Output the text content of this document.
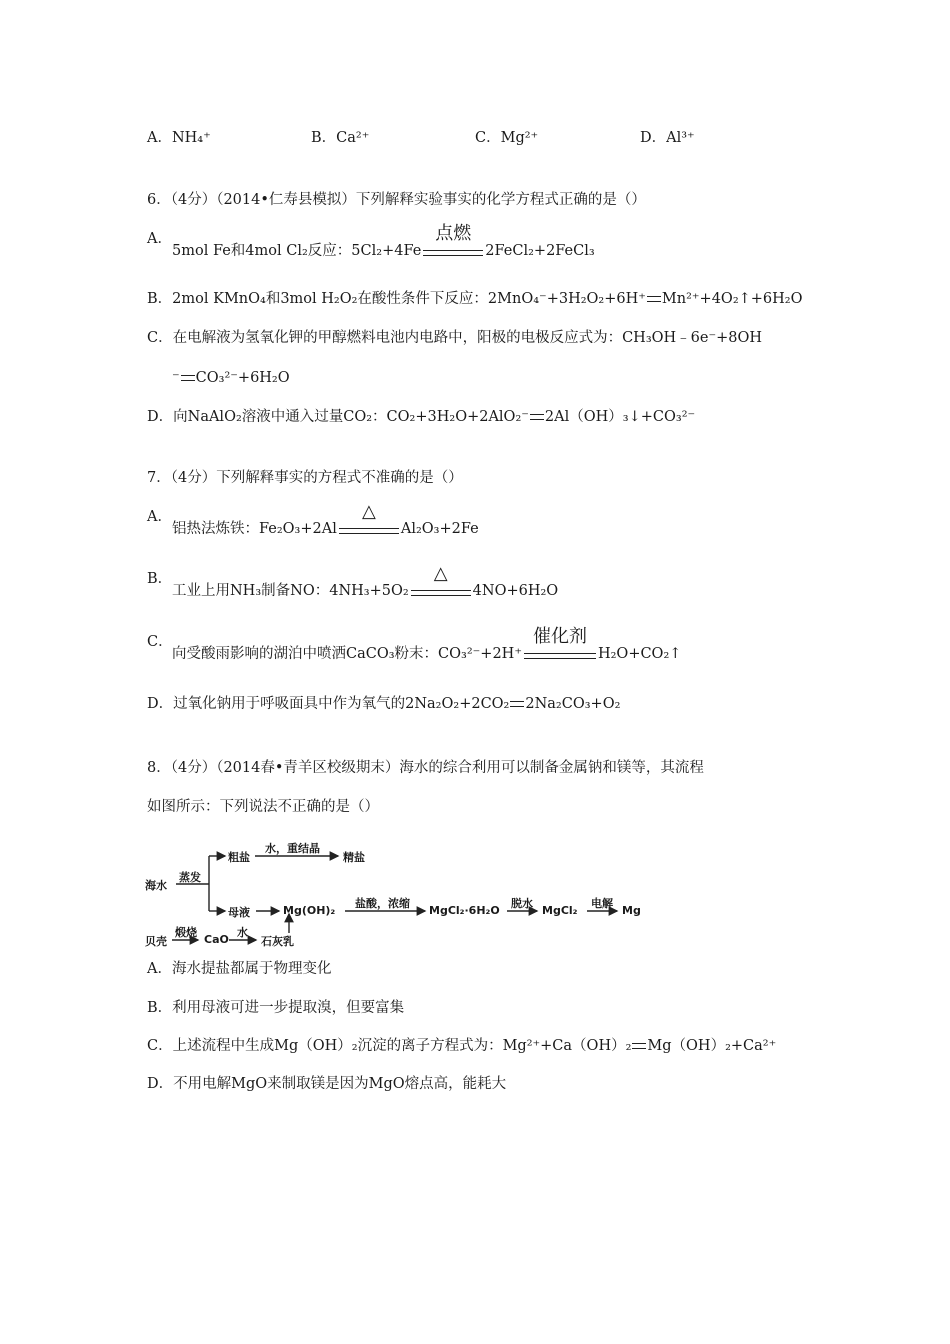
A．NH₄⁺	B．Ca²⁺	C．Mg²⁺	D．Al³⁺
6．（4分）（2014•仁寿县模拟）下列解释实验事实的化学方程式正确的是（）
A．
5mol Fe和4mol Cl₂反应：5Cl₂+4Fe
点燃
2FeCl₂+2FeCl₃
B．2mol KMnO₄和3mol H₂O₂在酸性条件下反应：2MnO₄⁻+3H₂O₂+6H⁺ Mn²⁺+4O₂↑+6H₂O
C．在电解液为氢氧化钾的甲醇燃料电池内电路中，阳极的电极反应式为：CH₃OH﹣6e⁻+8OH
⁻ CO₃²⁻+6H₂O
D．向NaAlO₂溶液中通入过量CO₂：CO₂+3H₂O+2AlO₂⁻ 2Al（OH）₃↓+CO₃²⁻
7．（4分）下列解释事实的方程式不准确的是（）
A．
铝热法炼铁：Fe₂O₃+2Al
△
Al₂O₃+2Fe
B．
工业上用NH₃制备NO：4NH₃+5O₂
△
4NO+6H₂O
C．
向受酸雨影响的湖泊中喷洒CaCO₃粉末：CO₃²⁻+2H⁺
催化剂
H₂O+CO₂↑
D．过氧化钠用于呼吸面具中作为氧气的2Na₂O₂+2CO₂ 2Na₂CO₃+O₂
8．（4分）（2014春•青羊区校级期末）海水的综合利用可以制备金属钠和镁等，其流程
如图所示：下列说法不正确的是（）
海水
蒸发
粗盐
水，重结晶
精盐
母液	Mg(OH)₂
盐酸，浓缩
MgCl₂·6H₂O
脱水
MgCl₂
电解
Mg
贝壳
煅烧
CaO
水
石灰乳
A．海水提盐都属于物理变化
B．利用母液可进一步提取溴，但要富集
C．上述流程中生成Mg（OH）₂沉淀的离子方程式为：Mg²⁺+Ca（OH）₂ Mg（OH）₂+Ca²⁺
D．不用电解MgO来制取镁是因为MgO熔点高，能耗大
